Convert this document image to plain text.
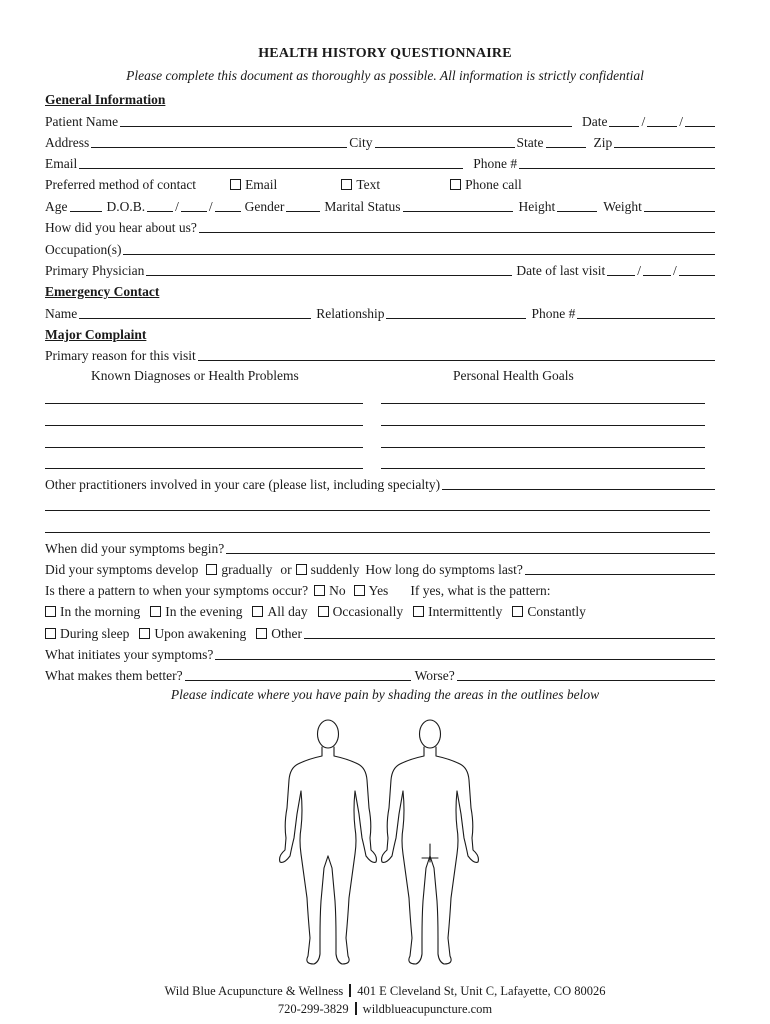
HEALTH HISTORY QUESTIONNAIRE
Please complete this document as thoroughly as possible. All information is strictly confidential
General Information
Patient Name	Date	/	/
Address	City	State	Zip
Email	Phone #
Preferred method of contact	Email	Text	Phone call
Age	D.O.B. / / Gender	Marital Status	Height	Weight
How did you hear about us?
Occupation(s)
Primary Physician	Date of last visit / /
Emergency Contact
Name	Relationship	Phone #
Major Complaint
Primary reason for this visit
Known Diagnoses or Health Problems	Personal Health Goals
Other practitioners involved in your care (please list, including specialty)
When did your symptoms begin?
Did your symptoms develop gradually or suddenly How long do symptoms last?
Is there a pattern to when your symptoms occur? No Yes If yes, what is the pattern:
In the morning In the evening All day Occasionally Intermittently Constantly
During sleep Upon awakening Other
What initiates your symptoms?
What makes them better?	Worse?
Please indicate where you have pain by shading the areas in the outlines below
Wild Blue Acupuncture & Wellness 401 E Cleveland St, Unit C, Lafayette, CO 80026
720-299-3829 wildblueacupuncture.com
